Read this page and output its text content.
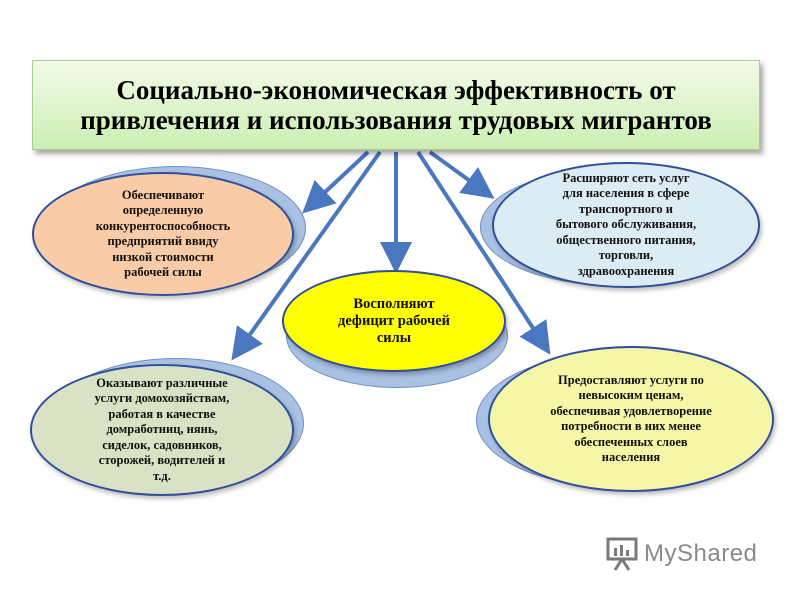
Социально-экономическая эффективность от
привлечения и использования трудовых мигрантов
Обеспечивают
определенную
конкурентоспособность
предприятий ввиду
низкой стоимости
рабочей силы
Расширяют сеть услуг
для населения в сфере
транспортного и
бытового обслуживания,
общественного питания,
торговли,
здравоохранения
Восполняют
дефицит рабочей
силы
Оказывают различные
услуги домохозяйствам,
работая в качестве
домработниц, нянь,
сиделок, садовников,
сторожей, водителей и
т.д.
Предоставляют услуги по
невысоким ценам,
обеспечивая удовлетворение
потребности в них менее
обеспеченных слоев
населения
MyShared
